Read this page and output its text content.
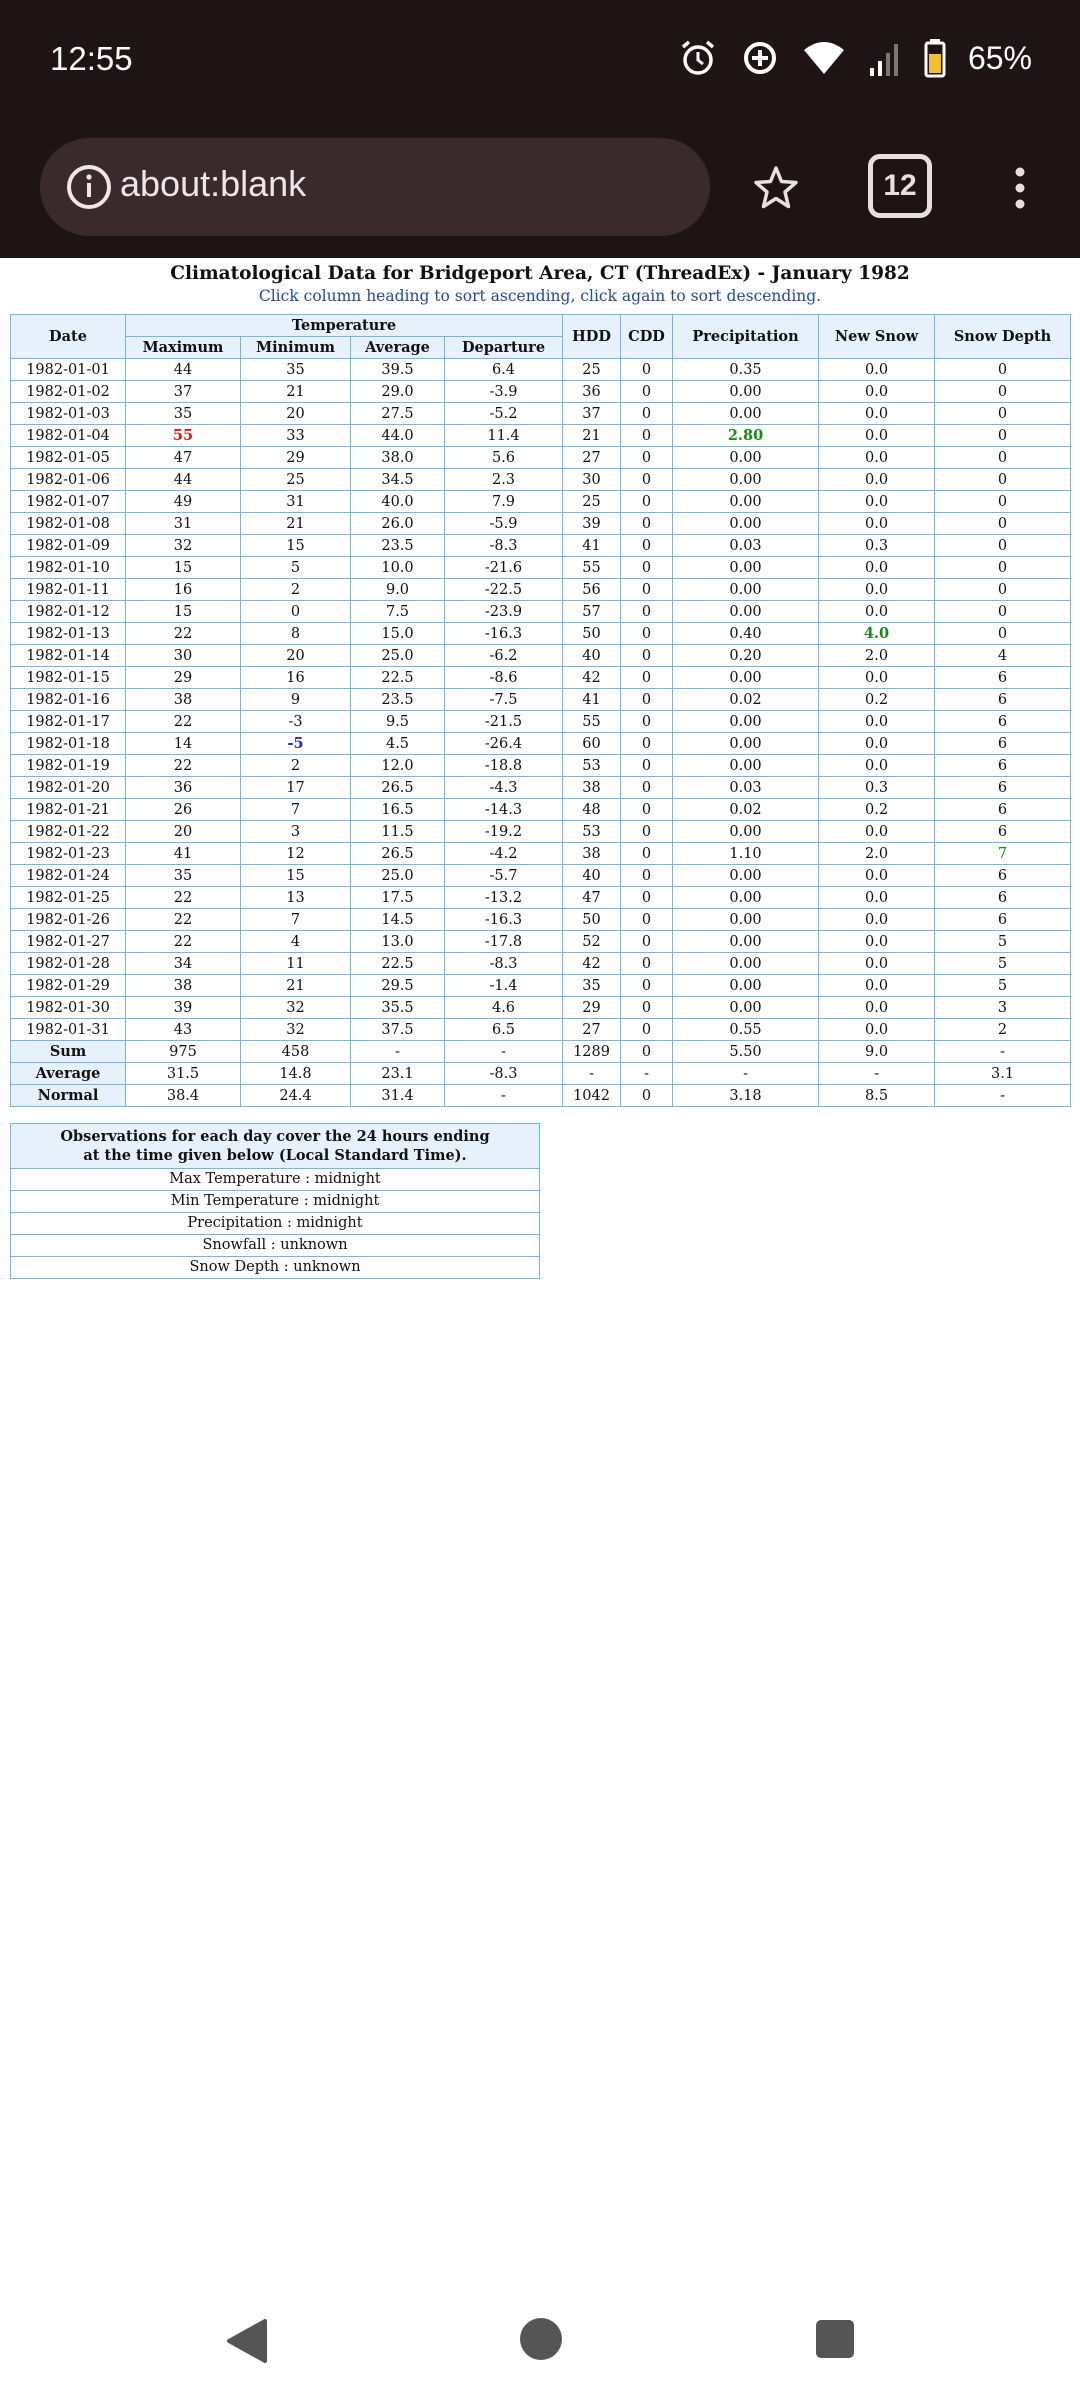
12:55	65%
about:blank	12
Climatological Data for Bridgeport Area, CT (ThreadEx) - January 1982
Click column heading to sort ascending, click again to sort descending.
Date	Temperature				HDD	CDD	Precipitation	New Snow	Snow Depth
	Maximum	Minimum	Average	Departure					
1982-01-01	44	35	39.5	6.4	25	0	0.35	0.0	0
1982-01-02	37	21	29.0	-3.9	36	0	0.00	0.0	0
1982-01-03	35	20	27.5	-5.2	37	0	0.00	0.0	0
1982-01-04	55	33	44.0	11.4	21	0	2.80	0.0	0
1982-01-05	47	29	38.0	5.6	27	0	0.00	0.0	0
1982-01-06	44	25	34.5	2.3	30	0	0.00	0.0	0
1982-01-07	49	31	40.0	7.9	25	0	0.00	0.0	0
1982-01-08	31	21	26.0	-5.9	39	0	0.00	0.0	0
1982-01-09	32	15	23.5	-8.3	41	0	0.03	0.3	0
1982-01-10	15	5	10.0	-21.6	55	0	0.00	0.0	0
1982-01-11	16	2	9.0	-22.5	56	0	0.00	0.0	0
1982-01-12	15	0	7.5	-23.9	57	0	0.00	0.0	0
1982-01-13	22	8	15.0	-16.3	50	0	0.40	4.0	0
1982-01-14	30	20	25.0	-6.2	40	0	0.20	2.0	4
1982-01-15	29	16	22.5	-8.6	42	0	0.00	0.0	6
1982-01-16	38	9	23.5	-7.5	41	0	0.02	0.2	6
1982-01-17	22	-3	9.5	-21.5	55	0	0.00	0.0	6
1982-01-18	14	-5	4.5	-26.4	60	0	0.00	0.0	6
1982-01-19	22	2	12.0	-18.8	53	0	0.00	0.0	6
1982-01-20	36	17	26.5	-4.3	38	0	0.03	0.3	6
1982-01-21	26	7	16.5	-14.3	48	0	0.02	0.2	6
1982-01-22	20	3	11.5	-19.2	53	0	0.00	0.0	6
1982-01-23	41	12	26.5	-4.2	38	0	1.10	2.0	7
1982-01-24	35	15	25.0	-5.7	40	0	0.00	0.0	6
1982-01-25	22	13	17.5	-13.2	47	0	0.00	0.0	6
1982-01-26	22	7	14.5	-16.3	50	0	0.00	0.0	6
1982-01-27	22	4	13.0	-17.8	52	0	0.00	0.0	5
1982-01-28	34	11	22.5	-8.3	42	0	0.00	0.0	5
1982-01-29	38	21	29.5	-1.4	35	0	0.00	0.0	5
1982-01-30	39	32	35.5	4.6	29	0	0.00	0.0	3
1982-01-31	43	32	37.5	6.5	27	0	0.55	0.0	2
Sum	975	458	-	-	1289	0	5.50	9.0	-
Average	31.5	14.8	23.1	-8.3	-	-	-	-	3.1
Normal	38.4	24.4	31.4	-	1042	0	3.18	8.5	-
Observations for each day cover the 24 hours ending
at the time given below (Local Standard Time).
Max Temperature : midnight
Min Temperature : midnight
Precipitation : midnight
Snowfall : unknown
Snow Depth : unknown
